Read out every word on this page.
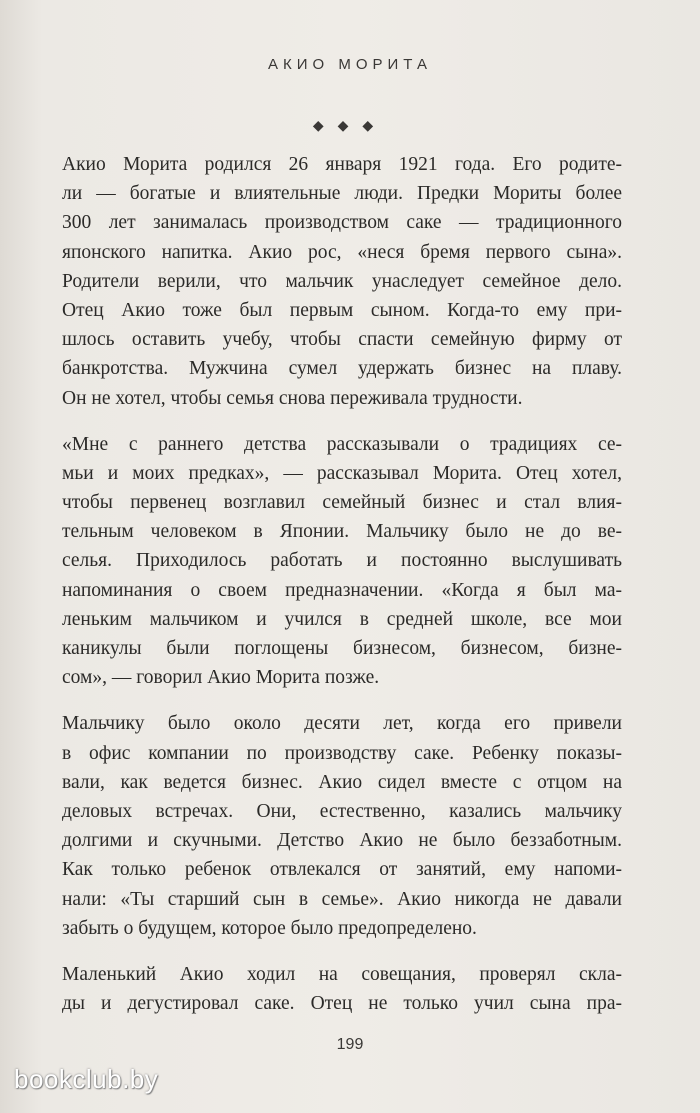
АКИО МОРИТА
◆◆◆
Акио Морита родился 26 января 1921 года. Его родите-
ли — богатые и влиятельные люди. Предки Мориты более
300 лет занималась производством саке — традиционного
японского напитка. Акио рос, «неся бремя первого сына».
Родители верили, что мальчик унаследует семейное дело.
Отец Акио тоже был первым сыном. Когда-то ему при-
шлось оставить учебу, чтобы спасти семейную фирму от
банкротства. Мужчина сумел удержать бизнес на плаву.
Он не хотел, чтобы семья снова переживала трудности.
«Мне с раннего детства рассказывали о традициях се-
мьи и моих предках», — рассказывал Морита. Отец хотел,
чтобы первенец возглавил семейный бизнес и стал влия-
тельным человеком в Японии. Мальчику было не до ве-
селья. Приходилось работать и постоянно выслушивать
напоминания о своем предназначении. «Когда я был ма-
леньким мальчиком и учился в средней школе, все мои
каникулы были поглощены бизнесом, бизнесом, бизне-
сом», — говорил Акио Морита позже.
Мальчику было около десяти лет, когда его привели
в офис компании по производству саке. Ребенку показы-
вали, как ведется бизнес. Акио сидел вместе с отцом на
деловых встречах. Они, естественно, казались мальчику
долгими и скучными. Детство Акио не было беззаботным.
Как только ребенок отвлекался от занятий, ему напоми-
нали: «Ты старший сын в семье». Акио никогда не давали
забыть о будущем, которое было предопределено.
Маленький Акио ходил на совещания, проверял скла-
ды и дегустировал саке. Отец не только учил сына пра-
199
bookclub.by
